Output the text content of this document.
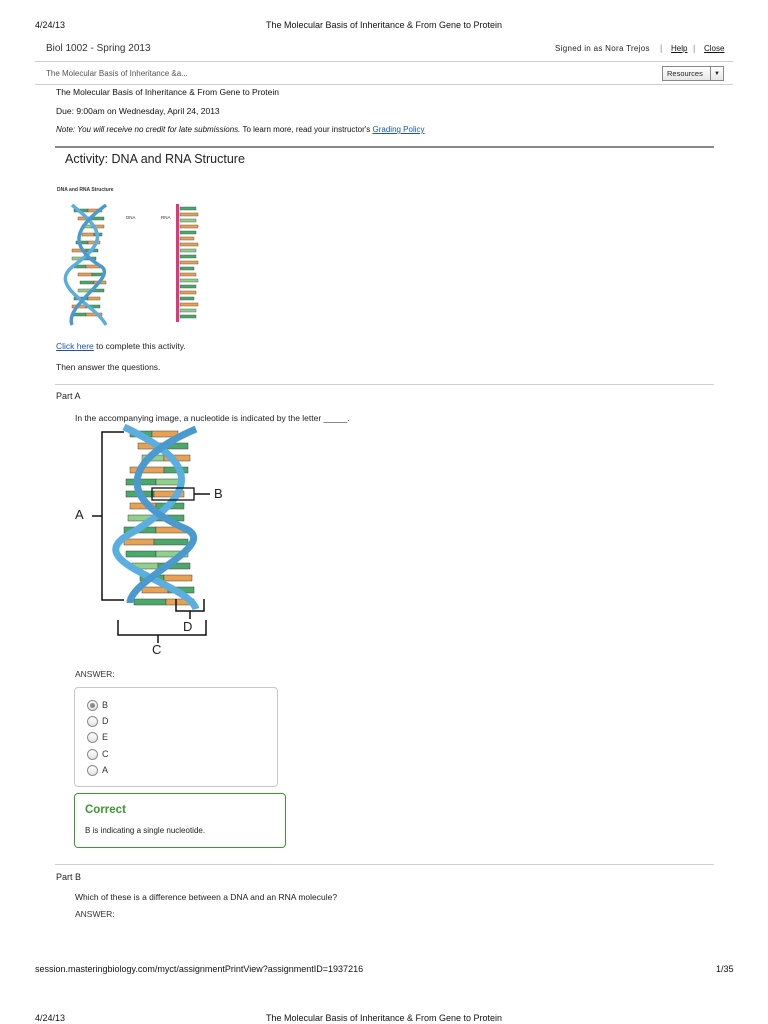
4/24/13	The Molecular Basis of Inheritance & From Gene to Protein
Biol 1002 - Spring 2013	Signed in as Nora Trejos | Help | Close
The Molecular Basis of Inheritance &a...	Resources	▼
The Molecular Basis of Inheritance & From Gene to Protein
Due: 9:00am on Wednesday, April 24, 2013
Note: You will receive no credit for late submissions. To learn more, read your instructor's Grading Policy
Activity: DNA and RNA Structure
DNA and RNA Structure
DNA	RNA
Click here to complete this activity.
Then answer the questions.
Part A
In the accompanying image, a nucleotide is indicated by the letter _____.
A
B
C
D
ANSWER:
B
D
E
C
A
Correct
B is indicating a single nucleotide.
Part B
Which of these is a difference between a DNA and an RNA molecule?
ANSWER:
session.masteringbiology.com/myct/assignmentPrintView?assignmentID=1937216	1/35
4/24/13	The Molecular Basis of Inheritance & From Gene to Protein
